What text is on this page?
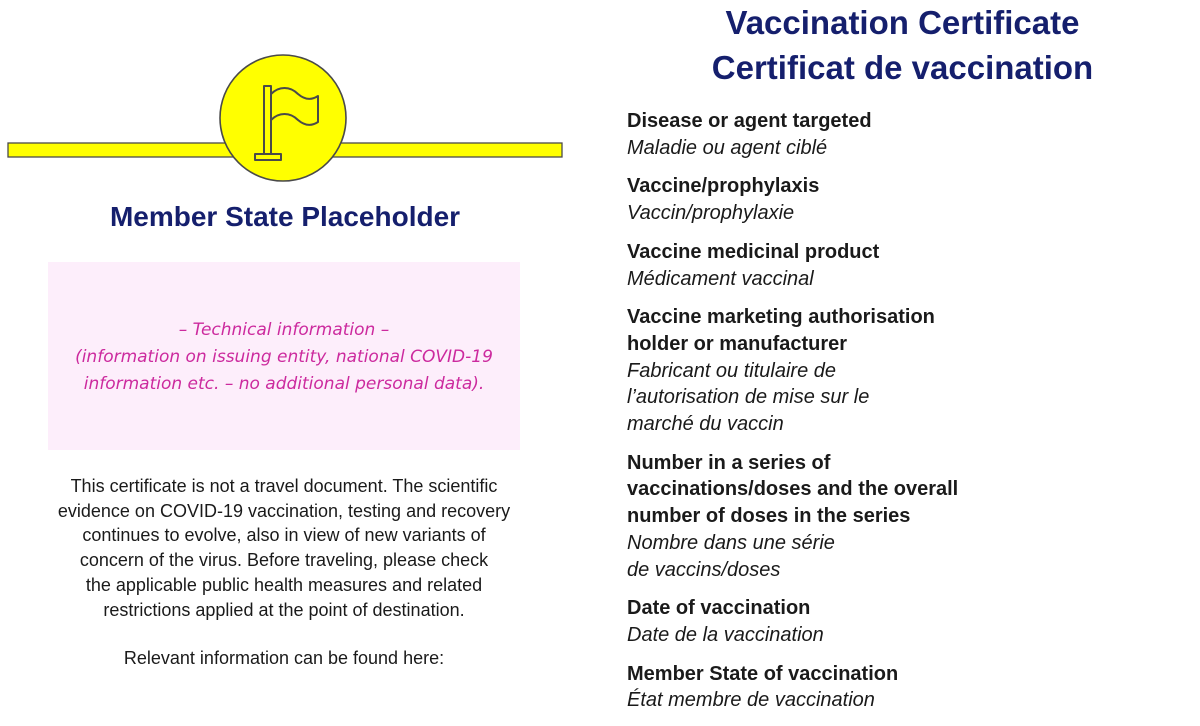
Member State Placeholder
– Technical information –
(information on issuing entity, national COVID-19
information etc. – no additional personal data).
This certificate is not a travel document. The scientific
evidence on COVID-19 vaccination, testing and recovery
continues to evolve, also in view of new variants of
concern of the virus. Before traveling, please check
the applicable public health measures and related
restrictions applied at the point of destination.
Relevant information can be found here:
Vaccination Certificate
Certificat de vaccination
Disease or agent targeted
Maladie ou agent ciblé
Vaccine/prophylaxis
Vaccin/prophylaxie
Vaccine medicinal product
Médicament vaccinal
Vaccine marketing authorisation
holder or manufacturer
Fabricant ou titulaire de
l’autorisation de mise sur le
marché du vaccin
Number in a series of
vaccinations/doses and the overall
number of doses in the series
Nombre dans une série
de vaccins/doses
Date of vaccination
Date de la vaccination
Member State of vaccination
État membre de vaccination
